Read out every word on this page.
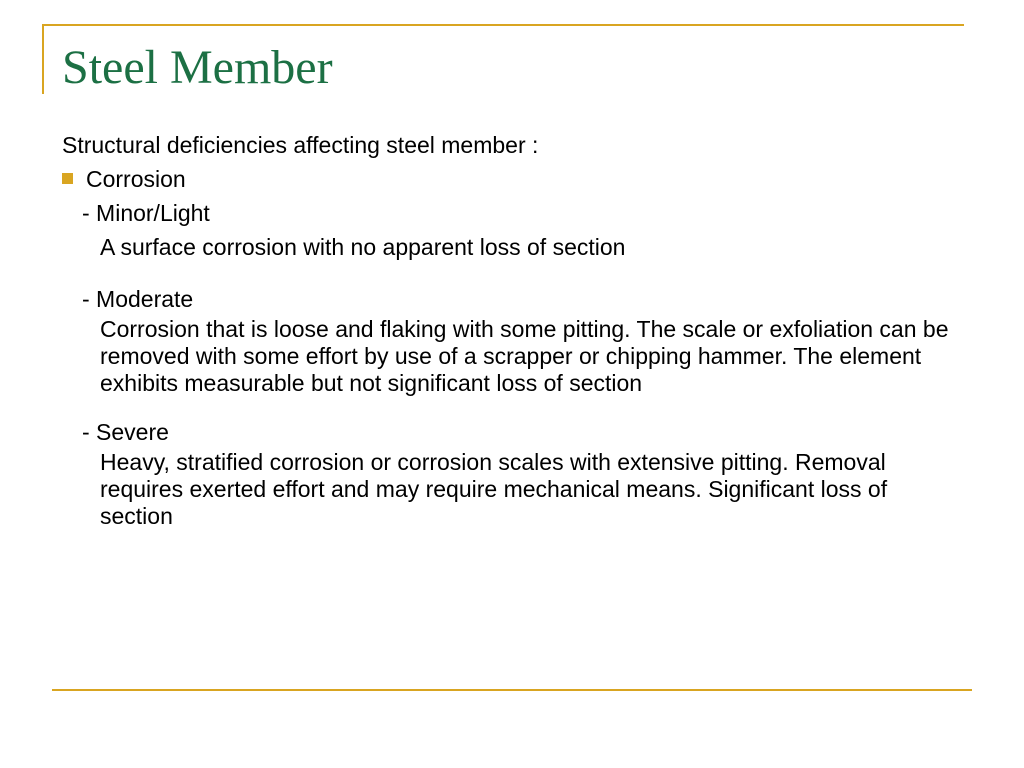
Steel Member

Structural deficiencies affecting steel member :

Corrosion

- Minor/Light

A surface corrosion with no apparent loss of section

- Moderate

Corrosion that is loose and flaking with some pitting. The scale or exfoliation can be removed with some effort by use of a scrapper or chipping hammer. The element exhibits measurable but not significant loss of section

- Severe

Heavy, stratified corrosion or corrosion scales with extensive pitting. Removal requires exerted effort and may require mechanical means. Significant loss of section
